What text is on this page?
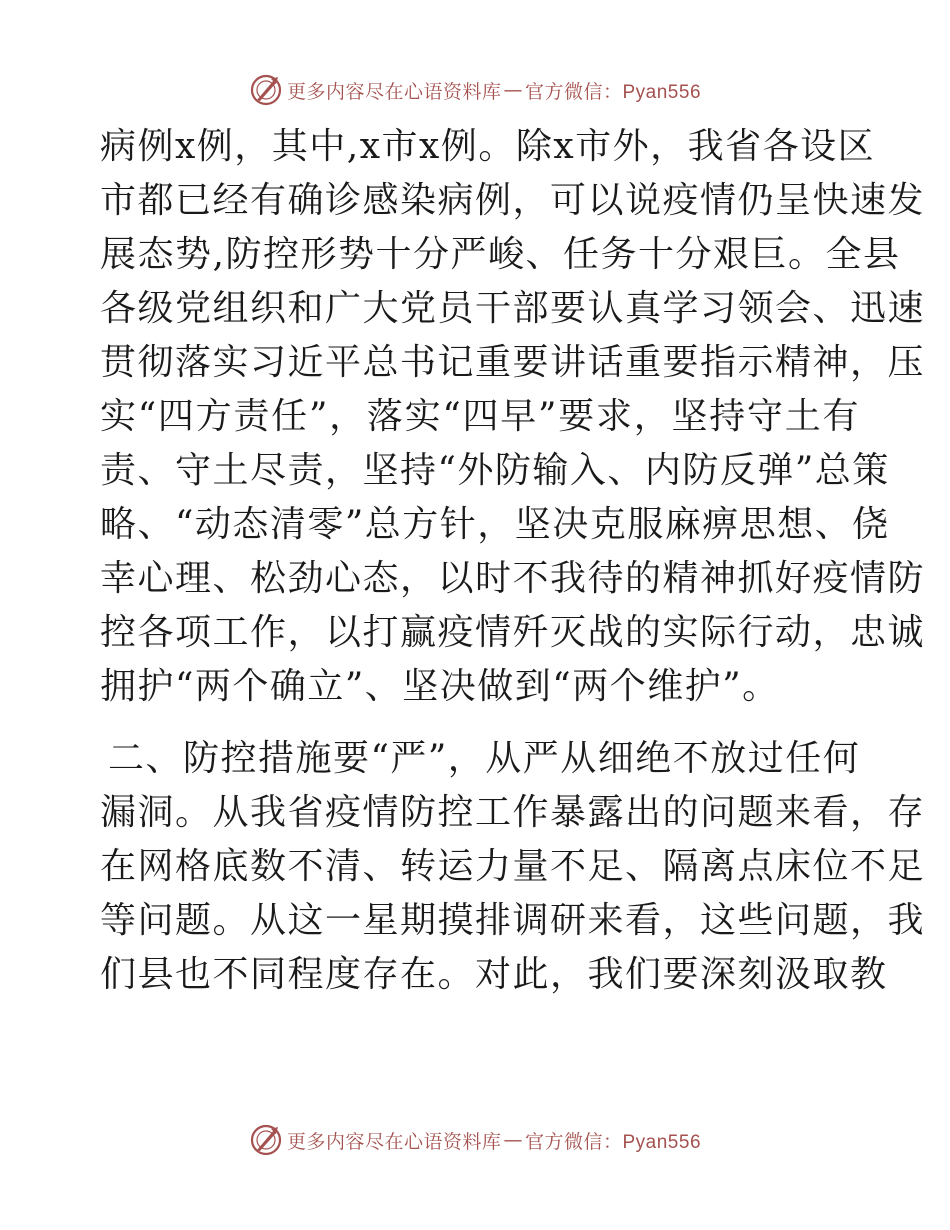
更多内容尽在心语资料库 — 官方微信：Pyan556
病例x例，其中,x市x例。除x市外，我省各设区
市都已经有确诊感染病例，可以说疫情仍呈快速发
展态势,防控形势十分严峻、任务十分艰巨。全县
各级党组织和广大党员干部要认真学习领会、迅速
贯彻落实习近平总书记重要讲话重要指示精神，压
实“四方责任”，落实“四早”要求，坚持守土有
责、守土尽责，坚持“外防输入、内防反弹”总策
略、“动态清零”总方针，坚决克服麻痹思想、侥
幸心理、松劲心态，以时不我待的精神抓好疫情防
控各项工作，以打赢疫情歼灭战的实际行动，忠诚
拥护“两个确立”、坚决做到“两个维护”。
二、防控措施要“严”，从严从细绝不放过任何
漏洞。从我省疫情防控工作暴露出的问题来看，存
在网格底数不清、转运力量不足、隔离点床位不足
等问题。从这一星期摸排调研来看，这些问题，我
们县也不同程度存在。对此，我们要深刻汲取教
更多内容尽在心语资料库 — 官方微信：Pyan556
